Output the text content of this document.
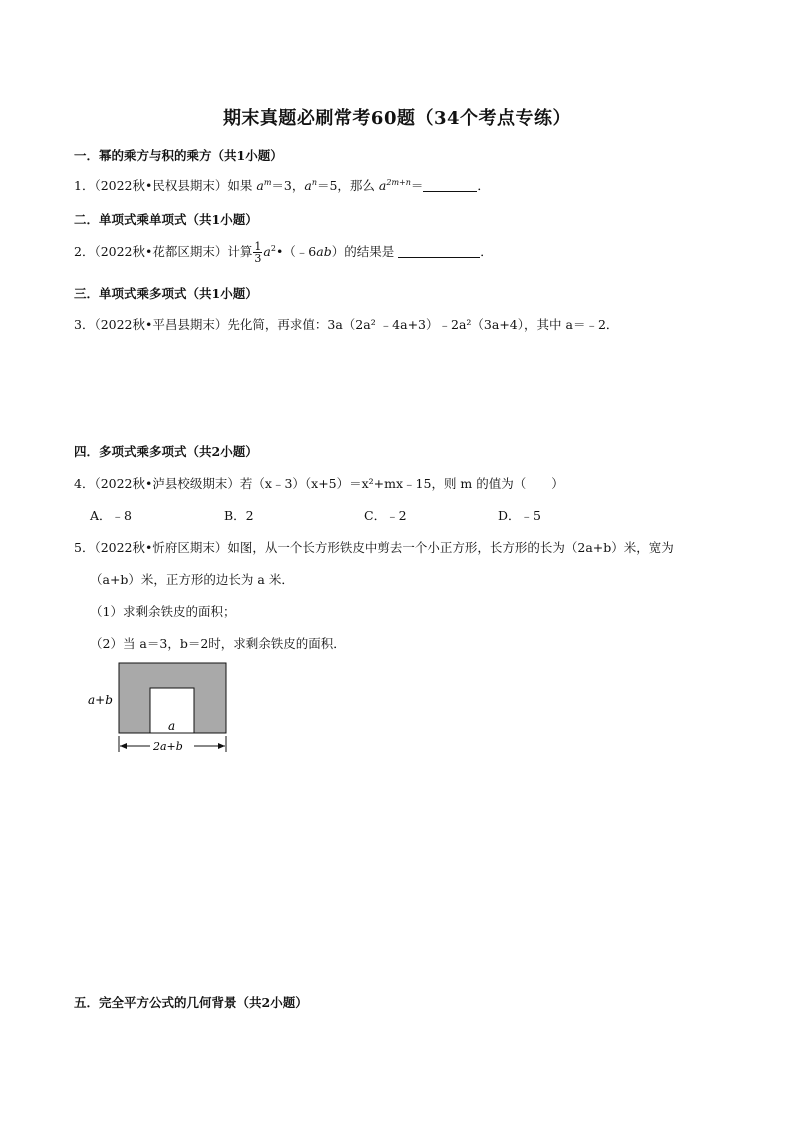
期末真题必刷常考60题（34个考点专练）
一．幂的乘方与积的乘方（共1小题）
1．（2022秋•民权县期末）如果 $a^m=3$，$a^n=5$，那么 $a^{2m+n}=$	．
二．单项式乘单项式（共1小题）
2．（2022秋•花都区期末）计算 $\frac{1}{3}$ $a^2•(﹣6ab)$的结果是	．
三．单项式乘多项式（共1小题）
3．（2022秋•平昌县期末）先化简，再求值：3a（2a² ﹣4a+3）﹣2a²（3a+4），其中 a＝﹣2．
四．多项式乘多项式（共2小题）
4．（2022秋•泸县校级期末）若（x﹣3）（x+5）＝x²+mx﹣15，则 m 的值为（　　）
A．﹣8	B．2	C．﹣2	D．﹣5
5．（2022秋•忻府区期末）如图，从一个长方形铁皮中剪去一个小正方形，长方形的长为（2a+b）米，宽为
（a+b）米，正方形的边长为 a 米．
（1）求剩余铁皮的面积；
（2）当 a＝3，b＝2时，求剩余铁皮的面积．
a+b
a
2a+b
五．完全平方公式的几何背景（共2小题）
